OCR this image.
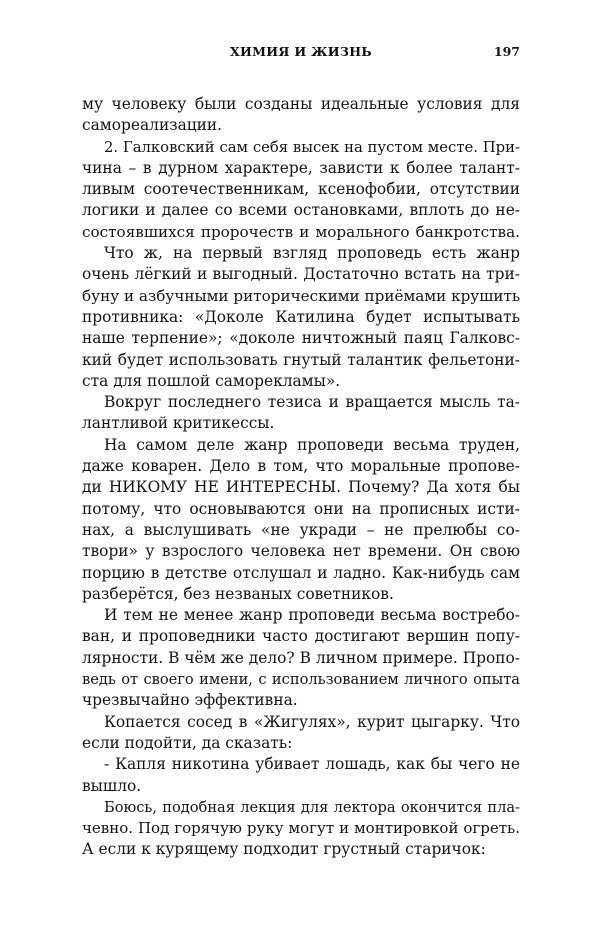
ХИМИЯ И ЖИЗНЬ	197
му человеку были созданы идеальные условия для
самореализации.
2. Галковский сам себя высек на пустом месте. При-
чина – в дурном характере, зависти к более талант-
ливым соотечественникам, ксенофобии, отсутствии
логики и далее со всеми остановками, вплоть до не-
состоявшихся пророчеств и морального банкротства.
Что ж, на первый взгляд проповедь есть жанр
очень лёгкий и выгодный. Достаточно встать на три-
буну и азбучными риторическими приёмами крушить
противника: «Доколе Катилина будет испытывать
наше терпение»; «доколе ничтожный паяц Галковс-
кий будет использовать гнутый талантик фельетони-
ста для пошлой саморекламы».
Вокруг последнего тезиса и вращается мысль та-
лантливой критикессы.
На самом деле жанр проповеди весьма труден,
даже коварен. Дело в том, что моральные пропове-
ди НИКОМУ НЕ ИНТЕРЕСНЫ. Почему? Да хотя бы
потому, что основываются они на прописных исти-
нах, а выслушивать «не укради – не прелюбы со-
твори» у взрослого человека нет времени. Он свою
порцию в детстве отслушал и ладно. Как-нибудь сам
разберётся, без незваных советников.
И тем не менее жанр проповеди весьма востребо-
ван, и проповедники часто достигают вершин попу-
лярности. В чём же дело? В личном примере. Пропо-
ведь от своего имени, с использованием личного опыта
чрезвычайно эффективна.
Копается сосед в «Жигулях», курит цыгарку. Что
если подойти, да сказать:
- Капля никотина убивает лошадь, как бы чего не
вышло.
Боюсь, подобная лекция для лектора окончится пла-
чевно. Под горячую руку могут и монтировкой огреть.
А если к курящему подходит грустный старичок:
